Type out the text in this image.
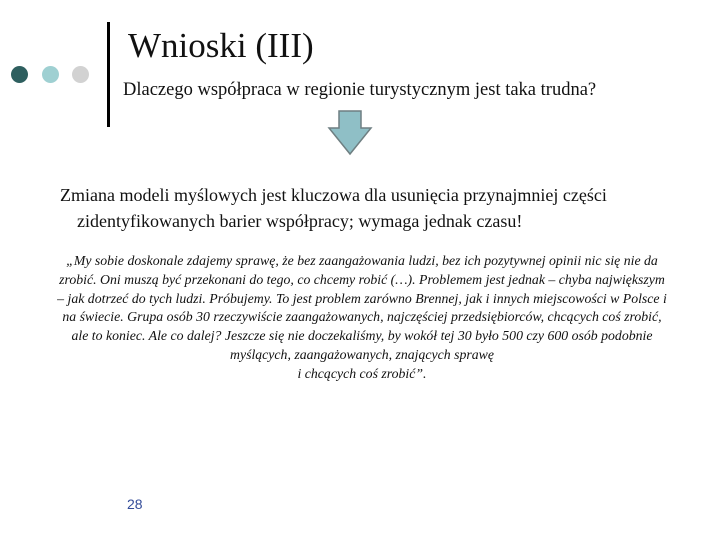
Wnioski (III)
Dlaczego współpraca w regionie turystycznym jest taka trudna?
Zmiana modeli myślowych jest kluczowa dla usunięcia przynajmniej części zidentyfikowanych barier współpracy; wymaga jednak czasu!
„My sobie doskonale zdajemy sprawę, że bez zaangażowania ludzi, bez ich pozytywnej opinii nic się nie da
zrobić. Oni muszą być przekonani do tego, co chcemy robić (…). Problemem jest jednak – chyba największym
– jak dotrzeć do tych ludzi. Próbujemy. To jest problem zarówno Brennej, jak i innych miejscowości w Polsce i
na świecie. Grupa osób 30 rzeczywiście zaangażowanych, najczęściej przedsiębiorców, chcących coś zrobić,
ale to koniec. Ale co dalej? Jeszcze się nie doczekaliśmy, by wokół tej 30 było 500 czy 600 osób podobnie
myślących, zaangażowanych, znających sprawę
i chcących coś zrobić”.
28
